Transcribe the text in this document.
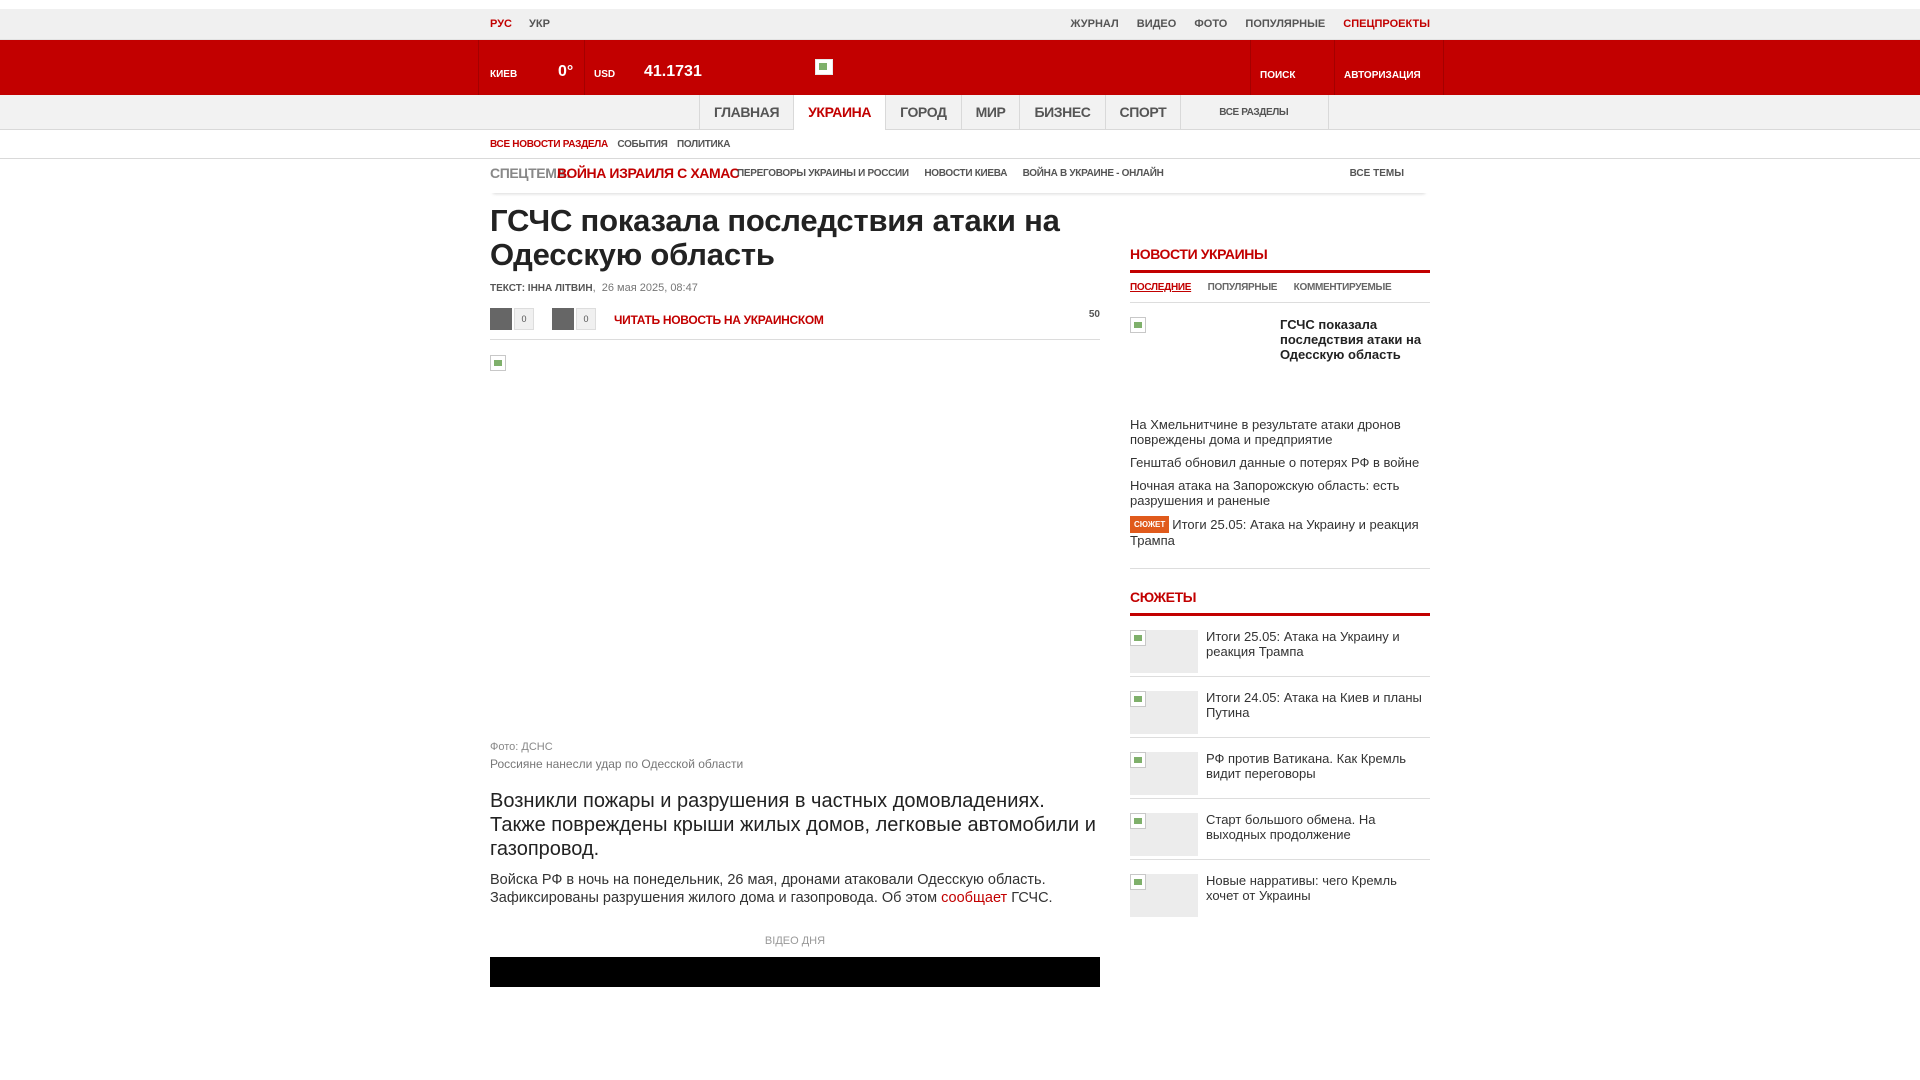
РУС УКР	ЖУРНАЛ ВИДЕО ФОТО ПОПУЛЯРНЫЕ СПЕЦПРОЕКТЫ
КИЕВ	0° USD 41.1731	ПОИСК	АВТОРИЗАЦИЯ
ГЛАВНАЯ	УКРАИНА	ГОРОД	МИР	БИЗНЕС	СПОРТ	ВСЕ РАЗДЕЛЫ
ВСЕ НОВОСТИ РАЗДЕЛА СОБЫТИЯ ПОЛИТИКА
СПЕЦТЕМА:
ВОЙНА ИЗРАИЛЯ С ХАМАС
ПЕРЕГОВОРЫ УКРАИНЫ И РОССИИ НОВОСТИ КИЕВА ВОЙНА В УКРАИНЕ - ОНЛАЙН	ВСЕ ТЕМЫ
ГСЧС показала последствия атаки на Одесскую область
ТЕКСТ: ІННА ЛІТВИН,  26 мая 2025, 08:47
0	0	ЧИТАТЬ НОВОСТЬ НА УКРАИНСКОМ	50
Фото: ДСНС
Россияне нанесли удар по Одесской области

Возникли пожары и разрушения в частных домовладениях. Также повреждены крыши жилых домов, легковые автомобили и газопровод.

Войска РФ в ночь на понедельник, 26 мая, дронами атаковали Одесскую область. Зафиксированы разрушения жилого дома и газопровода. Об этом сообщает ГСЧС.

ВІДЕО ДНЯ
НОВОСТИ УКРАИНЫ
ПОСЛЕДНИЕ ПОПУЛЯРНЫЕ КОММЕНТИРУЕМЫЕ
ГСЧС показала последствия атаки на Одесскую область
На Хмельнитчине в результате атаки дронов повреждены дома и предприятие
Генштаб обновил данные о потерях РФ в войне
Ночная атака на Запорожскую область: есть разрушения и раненые
СЮЖЕТ Итоги 25.05: Атака на Украину и реакция Трампа
СЮЖЕТЫ
Итоги 25.05: Атака на Украину и реакция Трампа
Итоги 24.05: Атака на Киев и планы Путина
РФ против Ватикана. Как Кремль видит переговоры
Старт большого обмена. На выходных продолжение
Новые нарративы: чего Кремль хочет от Украины
